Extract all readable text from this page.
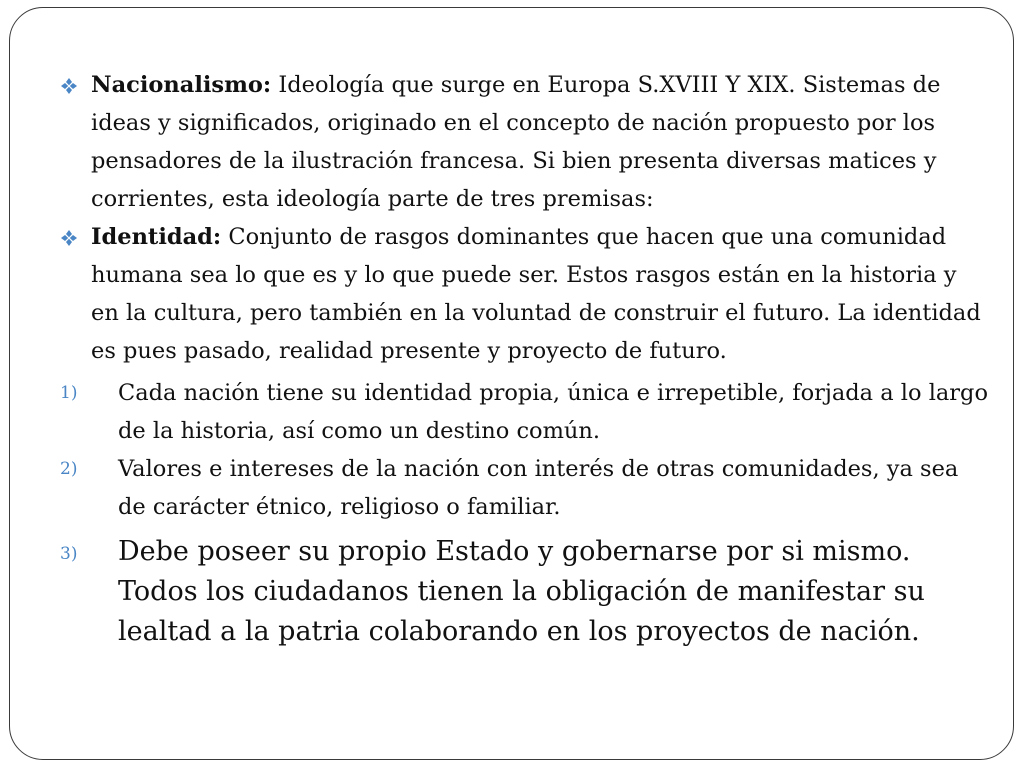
Nacionalismo: Ideología que surge en Europa S.XVIII Y XIX. Sistemas de ideas y significados, originado en el concepto de nación propuesto por los pensadores de la ilustración francesa. Si bien presenta diversas matices y corrientes, esta ideología parte de tres premisas:
Identidad: Conjunto de rasgos dominantes que hacen que una comunidad humana sea lo que es y lo que puede ser. Estos rasgos están en la historia y en la cultura, pero también en la voluntad de construir el futuro. La identidad es pues pasado, realidad presente y proyecto de futuro.
1) Cada nación tiene su identidad propia, única e irrepetible, forjada a lo largo de la historia, así como un destino común.
2) Valores e intereses de la nación con interés de otras comunidades, ya sea de carácter étnico, religioso o familiar.
3) Debe poseer su propio Estado y gobernarse por si mismo. Todos los ciudadanos tienen la obligación de manifestar su lealtad a la patria colaborando en los proyectos de nación.
